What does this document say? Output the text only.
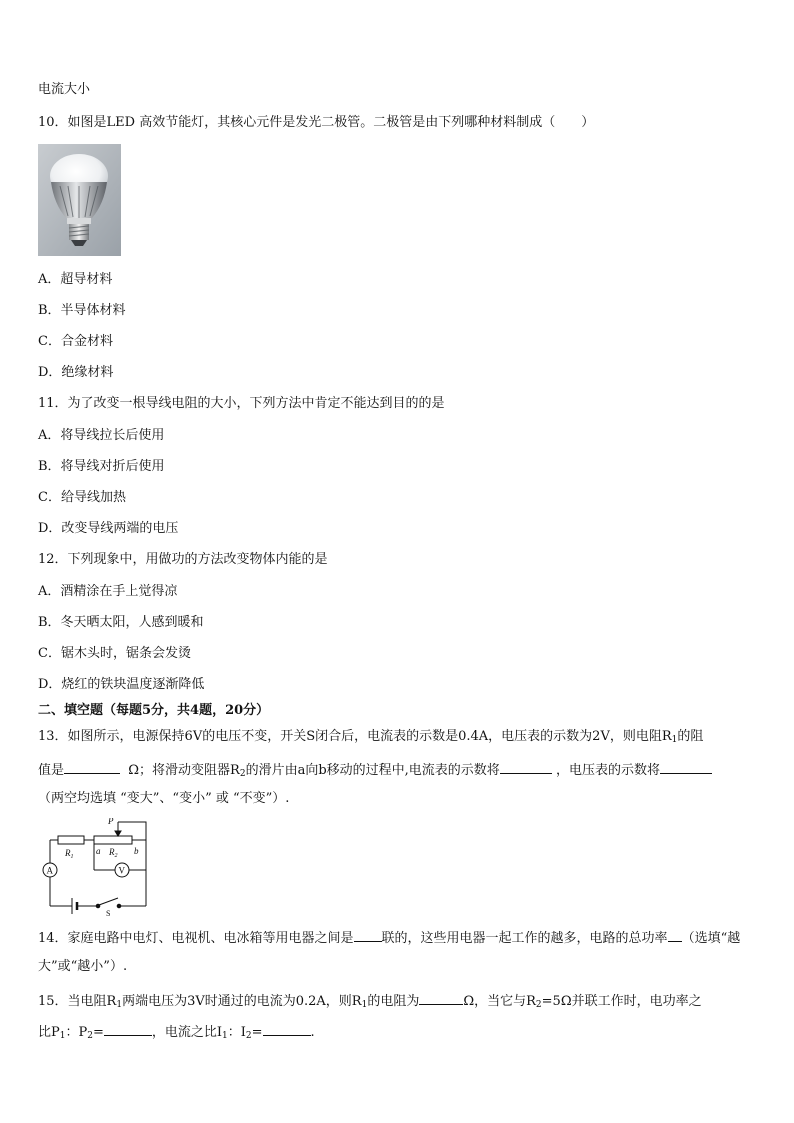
电流大小
10．如图是LED 高效节能灯，其核心元件是发光二极管。二极管是由下列哪种材料制成（　　）
A．超导材料
B．半导体材料
C．合金材料
D．绝缘材料
11．为了改变一根导线电阻的大小，下列方法中肯定不能达到目的的是
A．将导线拉长后使用
B．将导线对折后使用
C．给导线加热
D．改变导线两端的电压
12．下列现象中，用做功的方法改变物体内能的是
A．酒精涂在手上觉得凉
B．冬天晒太阳，人感到暖和
C．锯木头时，锯条会发烫
D．烧红的铁块温度逐渐降低
二、填空题（每题5分，共4题，20分）
13．如图所示，电源保持6V的电压不变，开关S闭合后，电流表的示数是0.4A，电压表的示数为2V，则电阻$R_1$的阻
值是	Ω；将滑动变阻器$R_2$的滑片由a向b移动的过程中,电流表的示数将	，电压表的示数将
（两空均选填 “变大”、“变小” 或 “不变”）.
P
$R_1$
a $R_2$ b
A	V
S
14．家庭电路中电灯、电视机、电冰箱等用电器之间是 联的，这些用电器一起工作的越多，电路的总功率 （选填“越
大”或“越小”）.
15．当电阻$R_1$两端电压为3V时通过的电流为0.2A，则$R_1$的电阻为	Ω，当它与$R_2=5\Omega$并联工作时，电功率之
比$P_1$：$P_2=$	，电流之比$I_1$：$I_2=$	.
